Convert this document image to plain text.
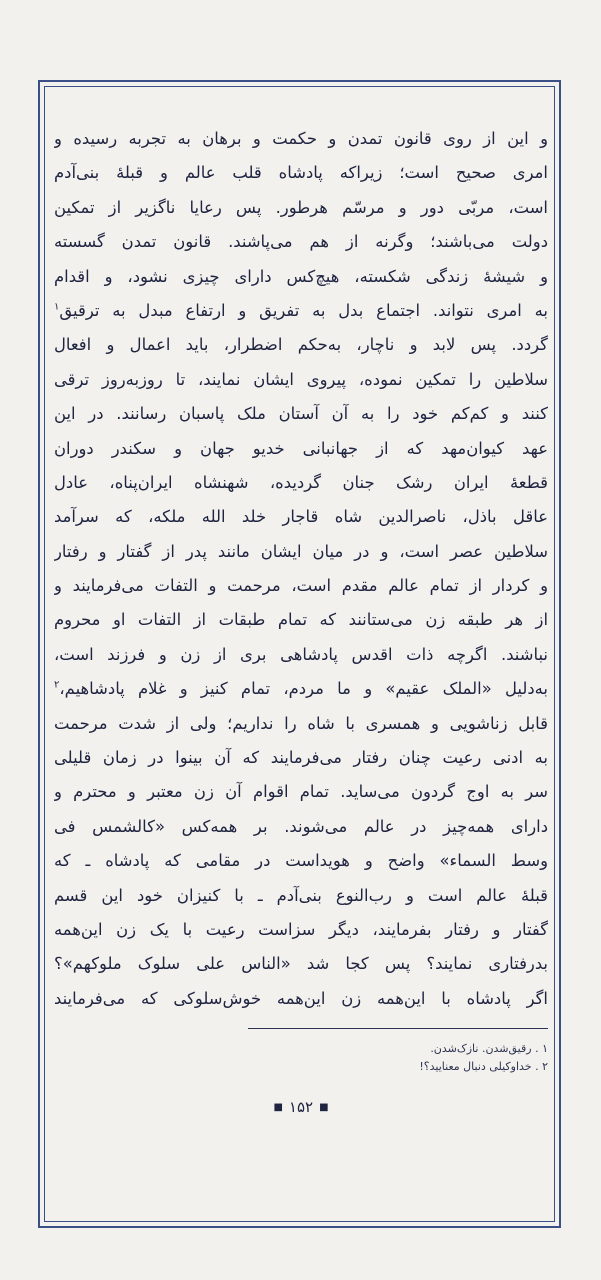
و این از روی قانون تمدن و حکمت و برهان به تجربه رسیده و
امری صحیح است؛ زیراکه پادشاه قلب عالم و قبلهٔ بنی‌آدم
است، مربّی دور و مرسّم هرطور. پس رعایا ناگزیر از تمکین
دولت می‌باشند؛ وگرنه از هم می‌پاشند. قانون تمدن گسسته
و شیشهٔ زندگی شکسته، هیچ‌کس دارای چیزی نشود، و اقدام
به امری نتواند. اجتماع بدل به تفریق و ارتفاع مبدل به ترقیق$^۱$
گردد. پس لابد و ناچار، به‌حکم اضطرار، باید اعمال و افعال
سلاطین را تمکین نموده، پیروی ایشان نمایند، تا روزبه‌روز ترقی
کنند و کم‌کم خود را به آن آستان ملک پاسبان رسانند. در این
عهد کیوان‌مهد که از جهانبانی خدیو جهان و سکندر دوران
قطعهٔ ایران رشک جنان گردیده، شهنشاه ایران‌پناه، عادل
عاقل باذل، ناصرالدین شاه قاجار خلد الله ملکه، که سرآمد
سلاطین عصر است، و در میان ایشان مانند پدر از گفتار و رفتار
و کردار از تمام عالم مقدم است، مرحمت و التفات می‌فرمایند و
از هر طبقه زن می‌ستانند که تمام طبقات از التفات او محروم
نباشند. اگرچه ذات اقدس پادشاهی بری از زن و فرزند است،
به‌دلیل «الملک عقیم» و ما مردم، تمام کنیز و غلام پادشاهیم،$^۲$
قابل زناشویی و همسری با شاه را نداریم؛ ولی از شدت مرحمت
به ادنی رعیت چنان رفتار می‌فرمایند که آن بینوا در زمان قلیلی
سر به اوج گردون می‌ساید. تمام اقوام آن زن معتبر و محترم و
دارای همه‌چیز در عالم می‌شوند. بر همه‌کس «کالشمس فی
وسط السماء» واضح و هویداست در مقامی که پادشاه ـ که
قبلهٔ عالم است و رب‌النوع بنی‌آدم ـ با کنیزان خود این قسم
گفتار و رفتار بفرمایند، دیگر سزاست رعیت با یک زن این‌همه
بدرفتاری نمایند؟ پس کجا شد «الناس علی سلوک ملوکهم»؟
اگر پادشاه با این‌همه زن این‌همه خوش‌سلوکی که می‌فرمایند
۱ . رقیق‌شدن. نازک‌شدن.
۲ . خداوکیلی دنبال معنایید؟!
■ ۱۵۲ ■
